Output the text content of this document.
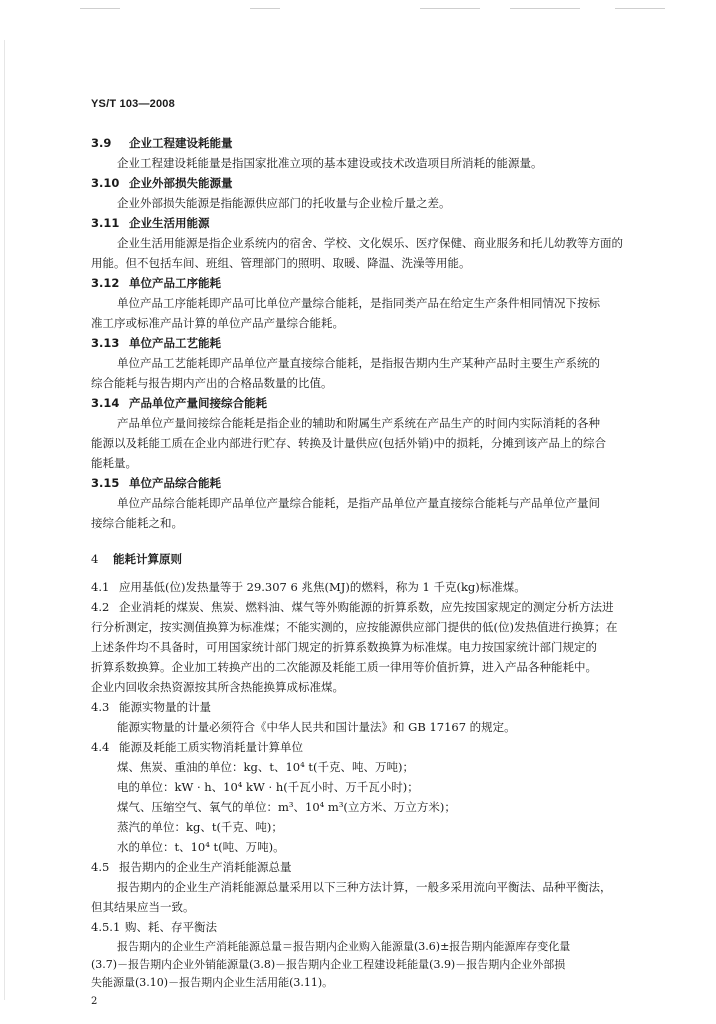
YS/T 103—2008
3.9 企业工程建设耗能量
企业工程建设耗能量是指国家批准立项的基本建设或技术改造项目所消耗的能源量。
3.10 企业外部损失能源量
企业外部损失能源是指能源供应部门的托收量与企业检斤量之差。
3.11 企业生活用能源
企业生活用能源是指企业系统内的宿舍、学校、文化娱乐、医疗保健、商业服务和托儿幼教等方面的
用能。但不包括车间、班组、管理部门的照明、取暖、降温、洗澡等用能。
3.12 单位产品工序能耗
单位产品工序能耗即产品可比单位产量综合能耗，是指同类产品在给定生产条件相同情况下按标
准工序或标准产品计算的单位产品产量综合能耗。
3.13 单位产品工艺能耗
单位产品工艺能耗即产品单位产量直接综合能耗，是指报告期内生产某种产品时主要生产系统的
综合能耗与报告期内产出的合格品数量的比值。
3.14 产品单位产量间接综合能耗
产品单位产量间接综合能耗是指企业的辅助和附属生产系统在产品生产的时间内实际消耗的各种
能源以及耗能工质在企业内部进行贮存、转换及计量供应(包括外销)中的损耗，分摊到该产品上的综合
能耗量。
3.15 单位产品综合能耗
单位产品综合能耗即产品单位产量综合能耗，是指产品单位产量直接综合能耗与产品单位产量间
接综合能耗之和。
4 能耗计算原则
4.1 应用基低(位)发热量等于 29.307 6 兆焦(MJ)的燃料，称为 1 千克(kg)标准煤。
4.2 企业消耗的煤炭、焦炭、燃料油、煤气等外购能源的折算系数，应先按国家规定的测定分析方法进
行分析测定，按实测值换算为标准煤；不能实测的，应按能源供应部门提供的低(位)发热值进行换算；在
上述条件均不具备时，可用国家统计部门规定的折算系数换算为标准煤。电力按国家统计部门规定的
折算系数换算。企业加工转换产出的二次能源及耗能工质一律用等价值折算，进入产品各种能耗中。
企业内回收余热资源按其所含热能换算成标准煤。
4.3 能源实物量的计量
能源实物量的计量必须符合《中华人民共和国计量法》和 GB 17167 的规定。
4.4 能源及耗能工质实物消耗量计算单位
煤、焦炭、重油的单位：kg、t、10⁴ t(千克、吨、万吨)；
电的单位：kW · h、10⁴ kW · h(千瓦小时、万千瓦小时)；
煤气、压缩空气、氧气的单位：m³、10⁴ m³(立方米、万立方米)；
蒸汽的单位：kg、t(千克、吨)；
水的单位：t、10⁴ t(吨、万吨)。
4.5 报告期内的企业生产消耗能源总量
报告期内的企业生产消耗能源总量采用以下三种方法计算，一般多采用流向平衡法、品种平衡法，
但其结果应当一致。
4.5.1 购、耗、存平衡法
报告期内的企业生产消耗能源总量＝报告期内企业购入能源量(3.6)±报告期内能源库存变化量
(3.7)－报告期内企业外销能源量(3.8)－报告期内企业工程建设耗能量(3.9)－报告期内企业外部损
失能源量(3.10)－报告期内企业生活用能(3.11)。
2
